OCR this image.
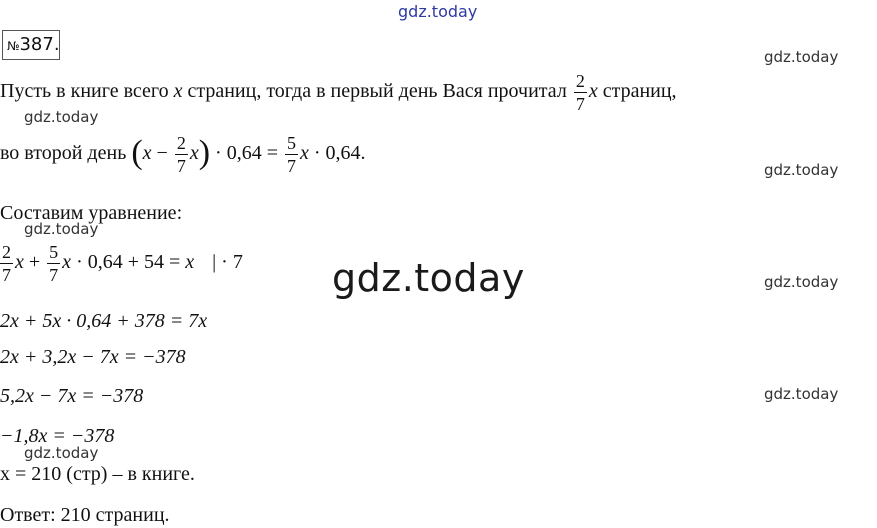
gdz.today
gdz.today
gdz.today
gdz.today
gdz.today
gdz.today
gdz.today
gdz.today
gdz.today
№387.
Пусть в книге всего x страниц, тогда в первый день Вася прочитал $\frac{2}{7}$ x страниц,
во второй день $(x - \frac{2}{7} x) \cdot 0,64 = \frac{5}{7}$ x · 0,64.
Составим уравнение:
$\frac{2}{7}$ $x + \frac{5}{7}$ x · 0,64 + 54 = x | · 7
2x + 5x · 0,64 + 378 = 7x
2x + 3,2x − 7x = −378
5,2x − 7x = −378
−1,8x = −378
x = 210 (стр) – в книге.
Ответ: 210 страниц.
